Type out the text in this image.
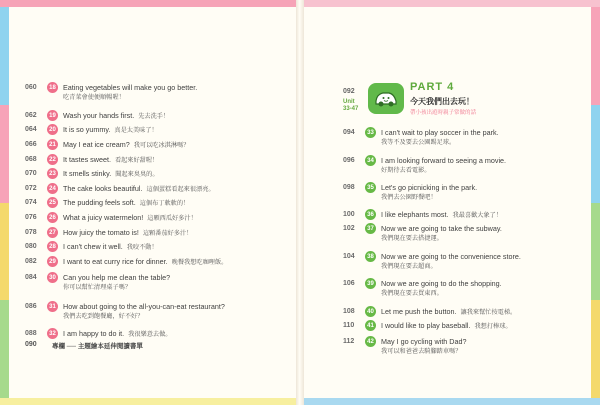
060	18 Eating vegetables will make you go better.
吃青菜會使便順暢喔！
062	19 Wash your hands first. 先去洗手！
064	20 It is so yummy. 真是太美味了！
066	21 May I eat ice cream? 我可以吃冰淇淋嗎？
068	22 It tastes sweet. 看起來好甜喔！
070	23 It smells stinky. 聞起來臭臭的。
072	24 The cake looks beautiful. 這個蛋糕看起來很漂亮。
074	25 The pudding feels soft. 這個布丁軟軟的！
076	26 What a juicy watermelon! 這顆西瓜好多汁！
078	27 How juicy the tomato is! 這顆番茄好多汁！
080	28 I can't chew it well. 我咬不動！
082	29 I want to eat curry rice for dinner. 晚餐我想吃咖哩飯。
084	30 Can you help me clean the table?
你可以幫忙清理桌子嗎？
086	31 How about going to the all-you-can-eat restaurant?
我們去吃到飽餐廳，好不好？
088	32 I am happy to do it. 我很樂意去做。
090 專欄 ── 主題繪本延伸閱讀書單
092
Unit
33-47
PART 4
今天我們出去玩！
帶小孩出遊時親子常做的話
094	33 I can't wait to play soccer in the park.
我等不及要去公園踢足球。
096	34 I am looking forward to seeing a movie.
好期待去看電影。
098	35 Let's go picnicking in the park.
我們去公園野餐吧！
100	36 I like elephants most. 我最喜歡大象了！
102	37 Now we are going to take the subway.
我們現在要去搭捷運。
104	38 Now we are going to the convenience store.
我們現在要去超商。
106	39 Now we are going to do the shopping.
我們現在要去買東西。
108	40 Let me push the button. 讓我來幫忙按電梯。
110	41 I would like to play baseball. 我想打棒球。
112	42 May I go cycling with Dad?
我可以和爸爸去騎腳踏車嗎？
